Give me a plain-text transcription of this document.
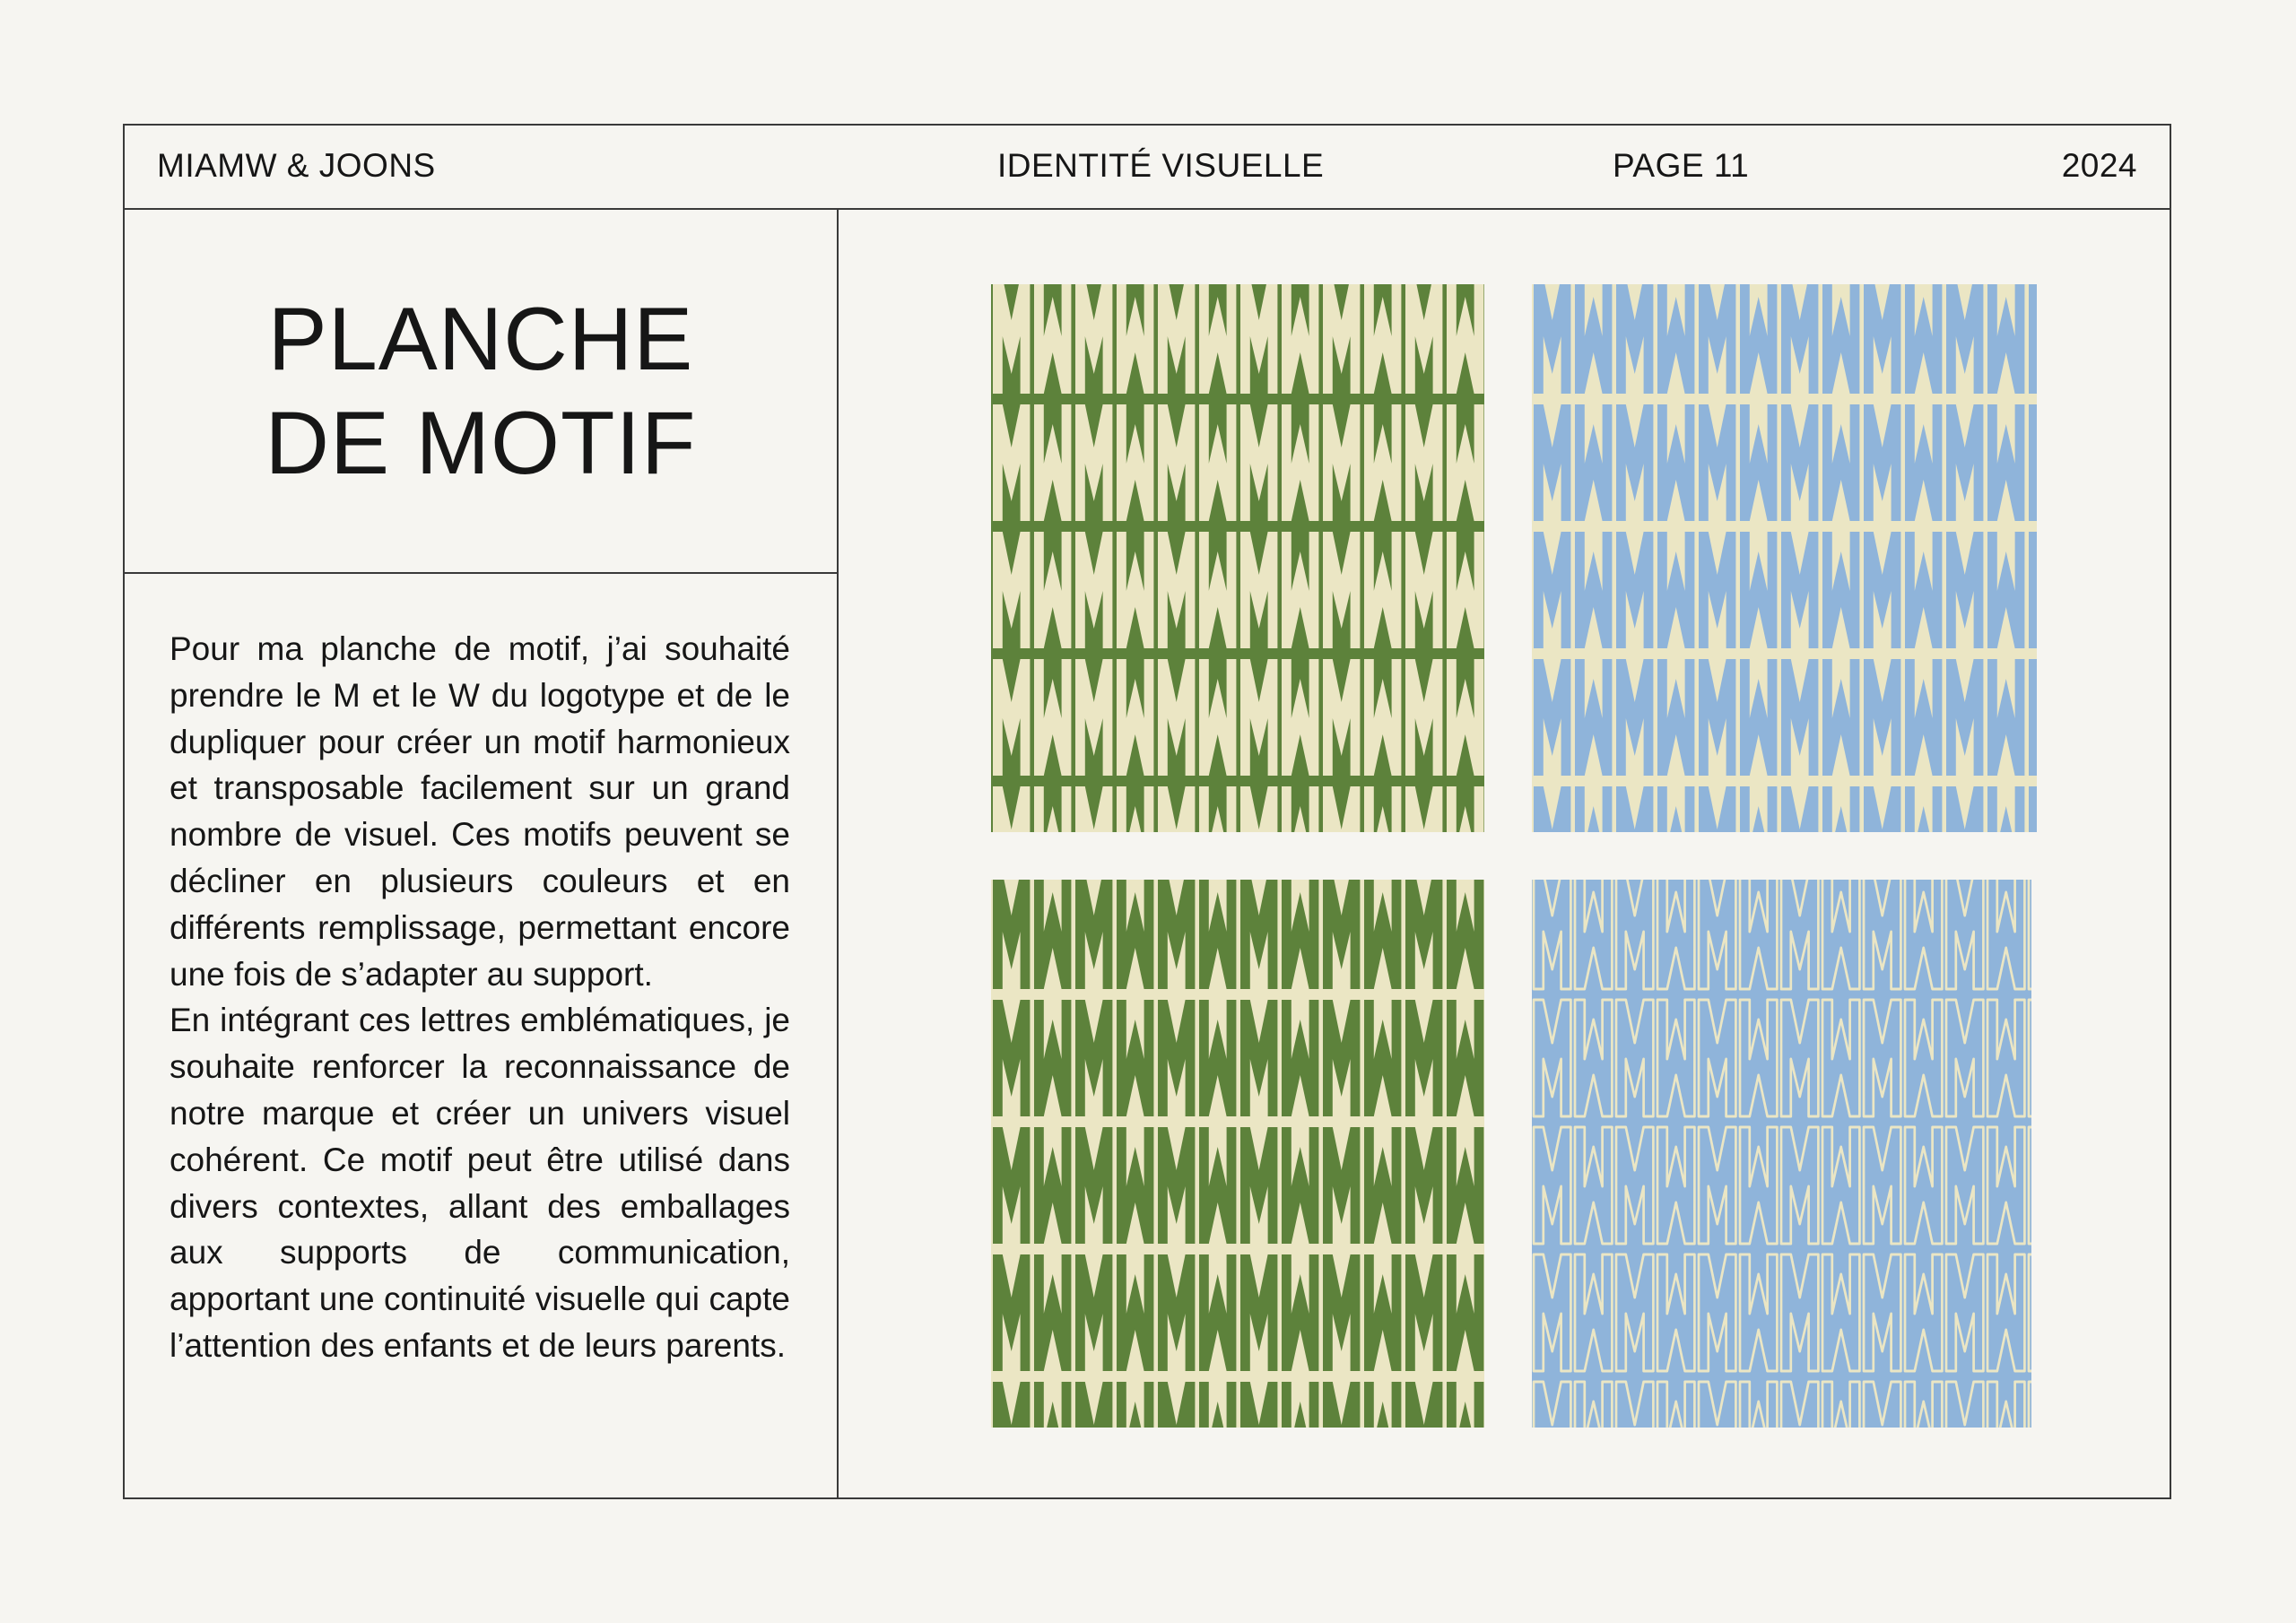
MIAMW & JOONS	IDENTITÉ VISUELLE	PAGE 11	2024
PLANCHE
DE MOTIF

Pour ma planche de motif, j’ai souhaité prendre le M et le W du logotype et de le dupliquer pour créer un motif harmonieux et transposable facilement sur un grand nombre de visuel. Ces motifs peuvent se décliner en plusieurs couleurs et en différents remplissage, permettant encore une fois de s’adapter au support.

En intégrant ces lettres emblématiques, je souhaite renforcer la reconnaissance de notre marque et créer un univers visuel cohérent. Ce motif peut être utilisé dans divers contextes, allant des emballages aux supports de communication, apportant une continuité visuelle qui capte l’attention des enfants et de leurs parents.
